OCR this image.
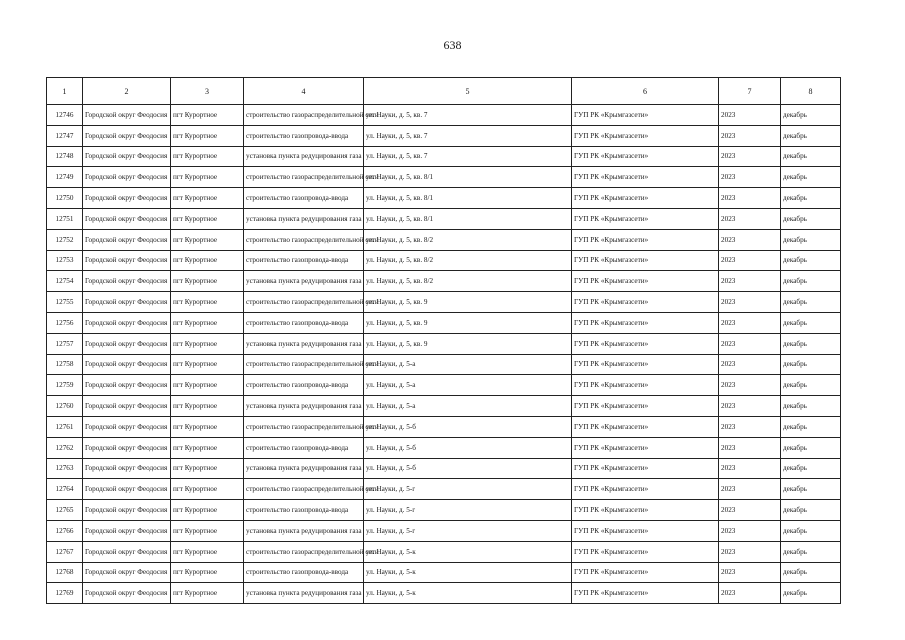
638
1	2	3	4	5	6	7	8
12746	Городской округ Феодосия	пгт Курортное	строительство газораспределительной сети	ул. Науки, д. 5, кв. 7	ГУП РК «Крымгазсети»	2023	декабрь
12747	Городской округ Феодосия	пгт Курортное	строительство газопровода-ввода	ул. Науки, д. 5, кв. 7	ГУП РК «Крымгазсети»	2023	декабрь
12748	Городской округ Феодосия	пгт Курортное	установка пункта редуцирования газа	ул. Науки, д. 5, кв. 7	ГУП РК «Крымгазсети»	2023	декабрь
12749	Городской округ Феодосия	пгт Курортное	строительство газораспределительной сети	ул. Науки, д. 5, кв. 8/1	ГУП РК «Крымгазсети»	2023	декабрь
12750	Городской округ Феодосия	пгт Курортное	строительство газопровода-ввода	ул. Науки, д. 5, кв. 8/1	ГУП РК «Крымгазсети»	2023	декабрь
12751	Городской округ Феодосия	пгт Курортное	установка пункта редуцирования газа	ул. Науки, д. 5, кв. 8/1	ГУП РК «Крымгазсети»	2023	декабрь
12752	Городской округ Феодосия	пгт Курортное	строительство газораспределительной сети	ул. Науки, д. 5, кв. 8/2	ГУП РК «Крымгазсети»	2023	декабрь
12753	Городской округ Феодосия	пгт Курортное	строительство газопровода-ввода	ул. Науки, д. 5, кв. 8/2	ГУП РК «Крымгазсети»	2023	декабрь
12754	Городской округ Феодосия	пгт Курортное	установка пункта редуцирования газа	ул. Науки, д. 5, кв. 8/2	ГУП РК «Крымгазсети»	2023	декабрь
12755	Городской округ Феодосия	пгт Курортное	строительство газораспределительной сети	ул. Науки, д. 5, кв. 9	ГУП РК «Крымгазсети»	2023	декабрь
12756	Городской округ Феодосия	пгт Курортное	строительство газопровода-ввода	ул. Науки, д. 5, кв. 9	ГУП РК «Крымгазсети»	2023	декабрь
12757	Городской округ Феодосия	пгт Курортное	установка пункта редуцирования газа	ул. Науки, д. 5, кв. 9	ГУП РК «Крымгазсети»	2023	декабрь
12758	Городской округ Феодосия	пгт Курортное	строительство газораспределительной сети	ул. Науки, д. 5-а	ГУП РК «Крымгазсети»	2023	декабрь
12759	Городской округ Феодосия	пгт Курортное	строительство газопровода-ввода	ул. Науки, д. 5-а	ГУП РК «Крымгазсети»	2023	декабрь
12760	Городской округ Феодосия	пгт Курортное	установка пункта редуцирования газа	ул. Науки, д. 5-а	ГУП РК «Крымгазсети»	2023	декабрь
12761	Городской округ Феодосия	пгт Курортное	строительство газораспределительной сети	ул. Науки, д. 5-б	ГУП РК «Крымгазсети»	2023	декабрь
12762	Городской округ Феодосия	пгт Курортное	строительство газопровода-ввода	ул. Науки, д. 5-б	ГУП РК «Крымгазсети»	2023	декабрь
12763	Городской округ Феодосия	пгт Курортное	установка пункта редуцирования газа	ул. Науки, д. 5-б	ГУП РК «Крымгазсети»	2023	декабрь
12764	Городской округ Феодосия	пгт Курортное	строительство газораспределительной сети	ул. Науки, д. 5-г	ГУП РК «Крымгазсети»	2023	декабрь
12765	Городской округ Феодосия	пгт Курортное	строительство газопровода-ввода	ул. Науки, д. 5-г	ГУП РК «Крымгазсети»	2023	декабрь
12766	Городской округ Феодосия	пгт Курортное	установка пункта редуцирования газа	ул. Науки, д. 5-г	ГУП РК «Крымгазсети»	2023	декабрь
12767	Городской округ Феодосия	пгт Курортное	строительство газораспределительной сети	ул. Науки, д. 5-к	ГУП РК «Крымгазсети»	2023	декабрь
12768	Городской округ Феодосия	пгт Курортное	строительство газопровода-ввода	ул. Науки, д. 5-к	ГУП РК «Крымгазсети»	2023	декабрь
12769	Городской округ Феодосия	пгт Курортное	установка пункта редуцирования газа	ул. Науки, д. 5-к	ГУП РК «Крымгазсети»	2023	декабрь
